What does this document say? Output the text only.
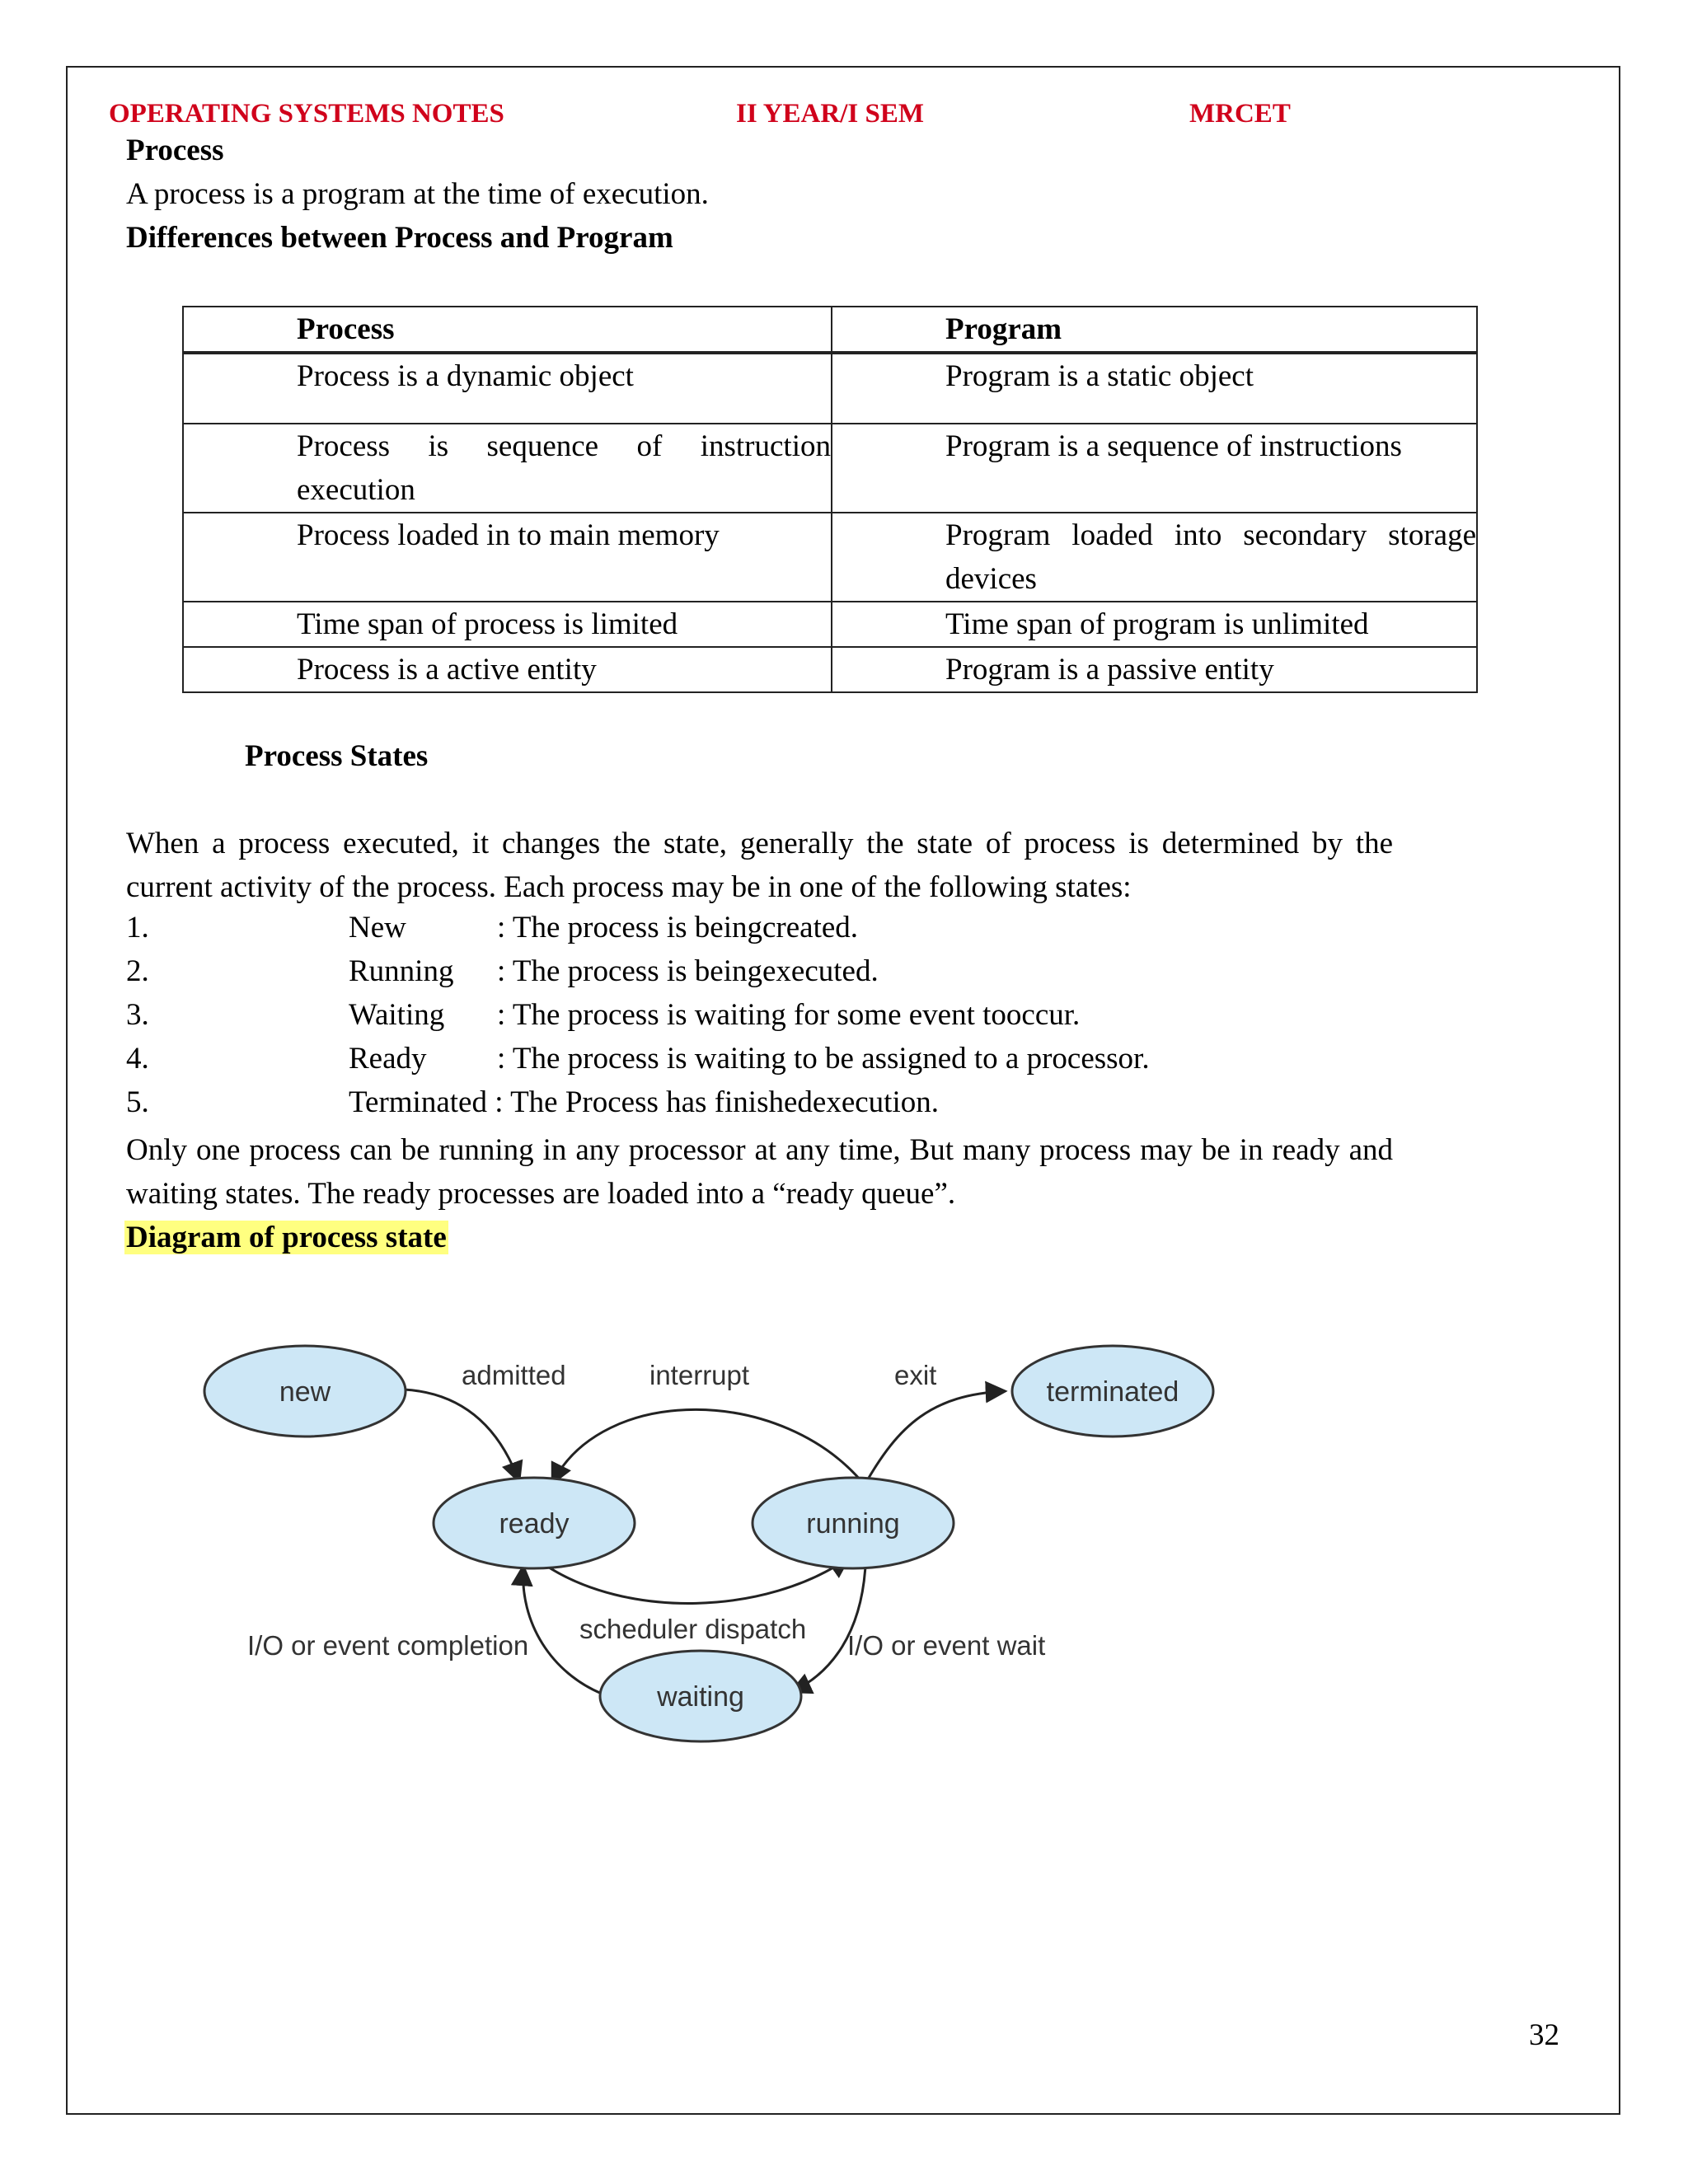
OPERATING SYSTEMS NOTES	II YEAR/I SEM	MRCET
Process
A process is a program at the time of execution.
Differences between Process and Program
Process	Program

Process is a dynamic object	Program is a static object

Process is sequence of instruction execution	Program is a sequence of instructions

Process loaded in to main memory	Program loaded into secondary storage devices

Time span of process is limited	Time span of program is unlimited

Process is a active entity	Program is a passive entity
Process States
When a process executed, it changes the state, generally the state of process is determined by the current activity of the process. Each process may be in one of the following states:
1.	New	: The process is beingcreated.
2.	Running : The process is beingexecuted.
3.	Waiting : The process is waiting for some event tooccur.
4.	Ready : The process is waiting to be assigned to a processor.
5.	Terminated : The Process has finishedexecution.
Only one process can be running in any processor at any time, But many process may be in ready and waiting states. The ready processes are loaded into a “ready queue”.
Diagram of process state
new
ready	running
waiting
terminated
admitted	interrupt	exit
scheduler dispatch
I/O or event completion	I/O or event wait
32
